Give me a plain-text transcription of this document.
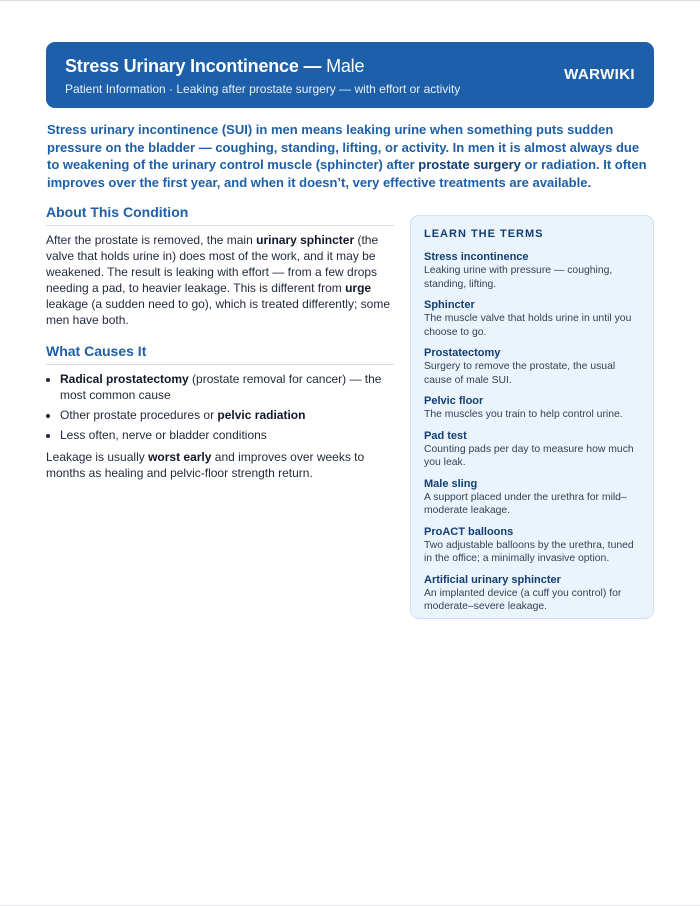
Stress Urinary Incontinence — Male
Patient Information · Leaking after prostate surgery — with effort or activity
WARWIKI
Stress urinary incontinence (SUI) in men means leaking urine when something puts sudden pressure on the bladder — coughing, standing, lifting, or activity. In men it is almost always due to weakening of the urinary control muscle (sphincter) after prostate surgery or radiation. It often improves over the first year, and when it doesn’t, very effective treatments are available.
About This Condition

After the prostate is removed, the main urinary sphincter (the valve that holds urine in) does most of the work, and it may be weakened. The result is leaking with effort — from a few drops needing a pad, to heavier leakage. This is different from urge leakage (a sudden need to go), which is treated differently; some men have both.

What Causes It
• Radical prostatectomy (prostate removal for cancer) — the most common cause
• Other prostate procedures or pelvic radiation
• Less often, nerve or bladder conditions

Leakage is usually worst early and improves over weeks to months as healing and pelvic-floor strength return.

LEARN THE TERMS
Stress incontinence
Leaking urine with pressure — coughing, standing, lifting.
Sphincter
The muscle valve that holds urine in until you choose to go.
Prostatectomy
Surgery to remove the prostate, the usual cause of male SUI.
Pelvic floor
The muscles you train to help control urine.
Pad test
Counting pads per day to measure how much you leak.
Male sling
A support placed under the urethra for mild–moderate leakage.
ProACT balloons
Two adjustable balloons by the urethra, tuned in the office; a minimally invasive option.
Artificial urinary sphincter
An implanted device (a cuff you control) for moderate–severe leakage.
